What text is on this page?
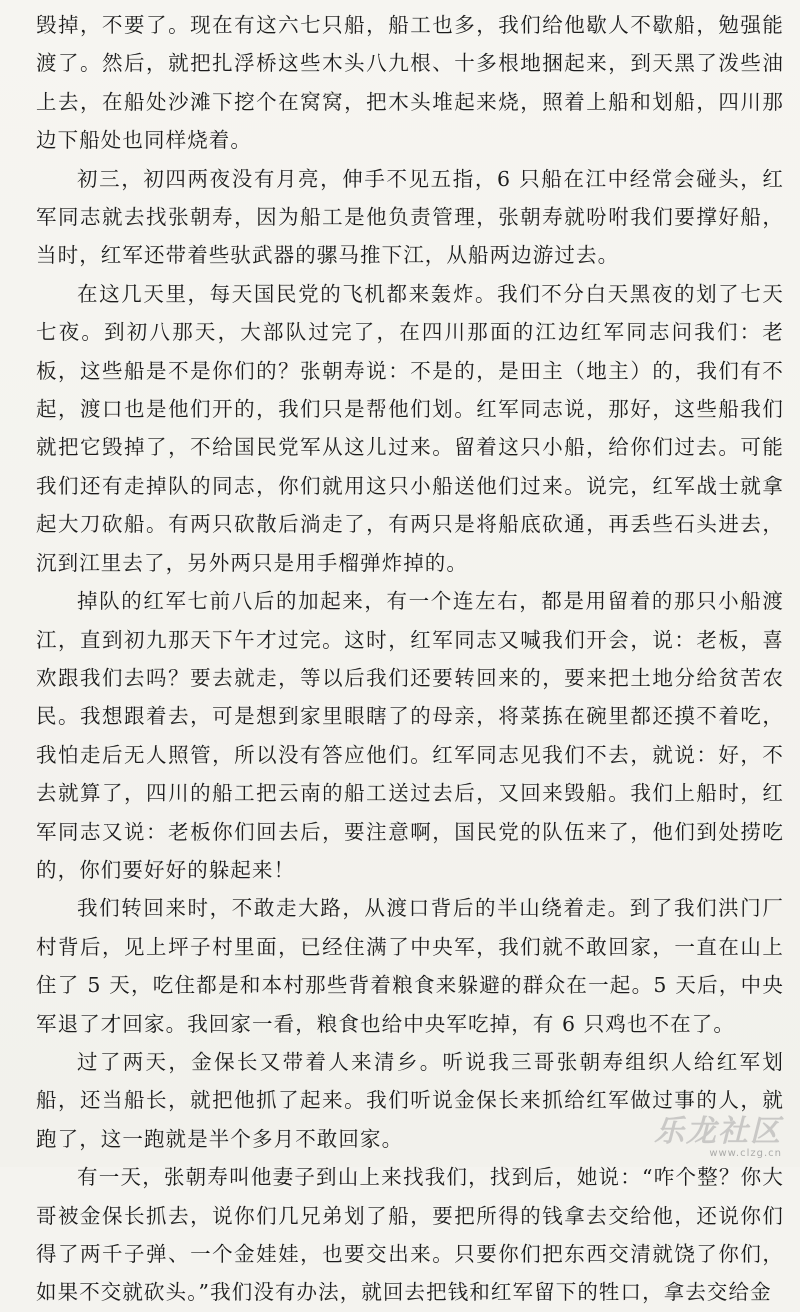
毁掉，不要了。现在有这六七只船，船工也多，我们给他歇人不歇船，勉强能渡了。然后，就把扎浮桥这些木头八九根、十多根地捆起来，到天黑了泼些油上去，在船处沙滩下挖个在窝窝，把木头堆起来烧，照着上船和划船，四川那边下船处也同样烧着。

初三，初四两夜没有月亮，伸手不见五指，6 只船在江中经常会碰头，红军同志就去找张朝寿，因为船工是他负责管理，张朝寿就吩咐我们要撑好船，当时，红军还带着些驮武器的骡马推下江，从船两边游过去。

在这几天里，每天国民党的飞机都来轰炸。我们不分白天黑夜的划了七天七夜。到初八那天，大部队过完了，在四川那面的江边红军同志问我们：老板，这些船是不是你们的？张朝寿说：不是的，是田主（地主）的，我们有不起，渡口也是他们开的，我们只是帮他们划。红军同志说，那好，这些船我们就把它毁掉了，不给国民党军从这儿过来。留着这只小船，给你们过去。可能我们还有走掉队的同志，你们就用这只小船送他们过来。说完，红军战士就拿起大刀砍船。有两只砍散后淌走了，有两只是将船底砍通，再丢些石头进去，沉到江里去了，另外两只是用手榴弹炸掉的。

掉队的红军七前八后的加起来，有一个连左右，都是用留着的那只小船渡江，直到初九那天下午才过完。这时，红军同志又喊我们开会，说：老板，喜欢跟我们去吗？要去就走，等以后我们还要转回来的，要来把土地分给贫苦农民。我想跟着去，可是想到家里眼瞎了的母亲，将菜拣在碗里都还摸不着吃，我怕走后无人照管，所以没有答应他们。红军同志见我们不去，就说：好，不去就算了，四川的船工把云南的船工送过去后，又回来毁船。我们上船时，红军同志又说：老板你们回去后，要注意啊，国民党的队伍来了，他们到处捞吃的，你们要好好的躲起来！

我们转回来时，不敢走大路，从渡口背后的半山绕着走。到了我们洪门厂村背后，见上坪子村里面，已经住满了中央军，我们就不敢回家，一直在山上住了 5 天，吃住都是和本村那些背着粮食来躲避的群众在一起。5 天后，中央军退了才回家。我回家一看，粮食也给中央军吃掉，有 6 只鸡也不在了。

过了两天，金保长又带着人来清乡。听说我三哥张朝寿组织人给红军划船，还当船长，就把他抓了起来。我们听说金保长来抓给红军做过事的人，就跑了，这一跑就是半个多月不敢回家。

有一天，张朝寿叫他妻子到山上来找我们，找到后，她说：“咋个整？你大哥被金保长抓去，说你们几兄弟划了船，要把所得的钱拿去交给他，还说你们得了两千子弹、一个金娃娃，也要交出来。只要你们把东西交清就饶了你们，如果不交就砍头。”我们没有办法，就回去把钱和红军留下的牲口，拿去交给金

乐龙社区
www.clzg.cn
